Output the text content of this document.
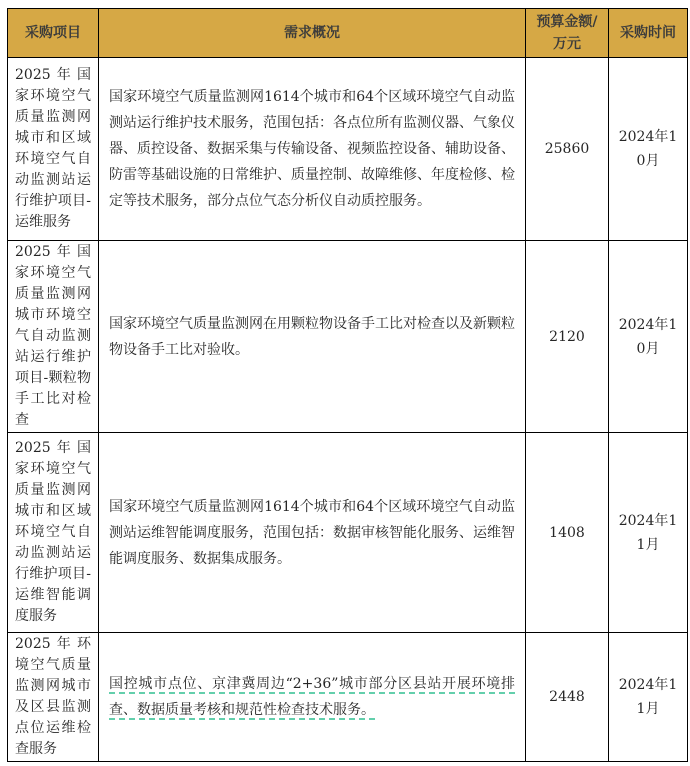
采购项目	需求概况	预算金额/万元	采购时间
2025年国家环境空气质量监测网城市和区域环境空气自动监测站运行维护项目-运维服务	国家环境空气质量监测网1614个城市和64个区域环境空气自动监测站运行维护技术服务，范围包括：各点位所有监测仪器、气象仪器、质控设备、数据采集与传输设备、视频监控设备、辅助设备、防雷等基础设施的日常维护、质量控制、故障维修、年度检修、检定等技术服务，部分点位气态分析仪自动质控服务。	25860	2024年10月
2025年国家环境空气质量监测网城市环境空气自动监测站运行维护项目-颗粒物手工比对检查	国家环境空气质量监测网在用颗粒物设备手工比对检查以及新颗粒物设备手工比对验收。	2120	2024年10月
2025年国家环境空气质量监测网城市和区域环境空气自动监测站运行维护项目-运维智能调度服务	国家环境空气质量监测网1614个城市和64个区域环境空气自动监测站运维智能调度服务，范围包括：数据审核智能化服务、运维智能调度服务、数据集成服务。	1408	2024年11月
2025年环境空气质量监测网城市及区县监测点位运维检查服务	国控城市点位、京津冀周边“2+36”城市部分区县站开展环境排查、数据质量考核和规范性检查技术服务。	2448	2024年11月
